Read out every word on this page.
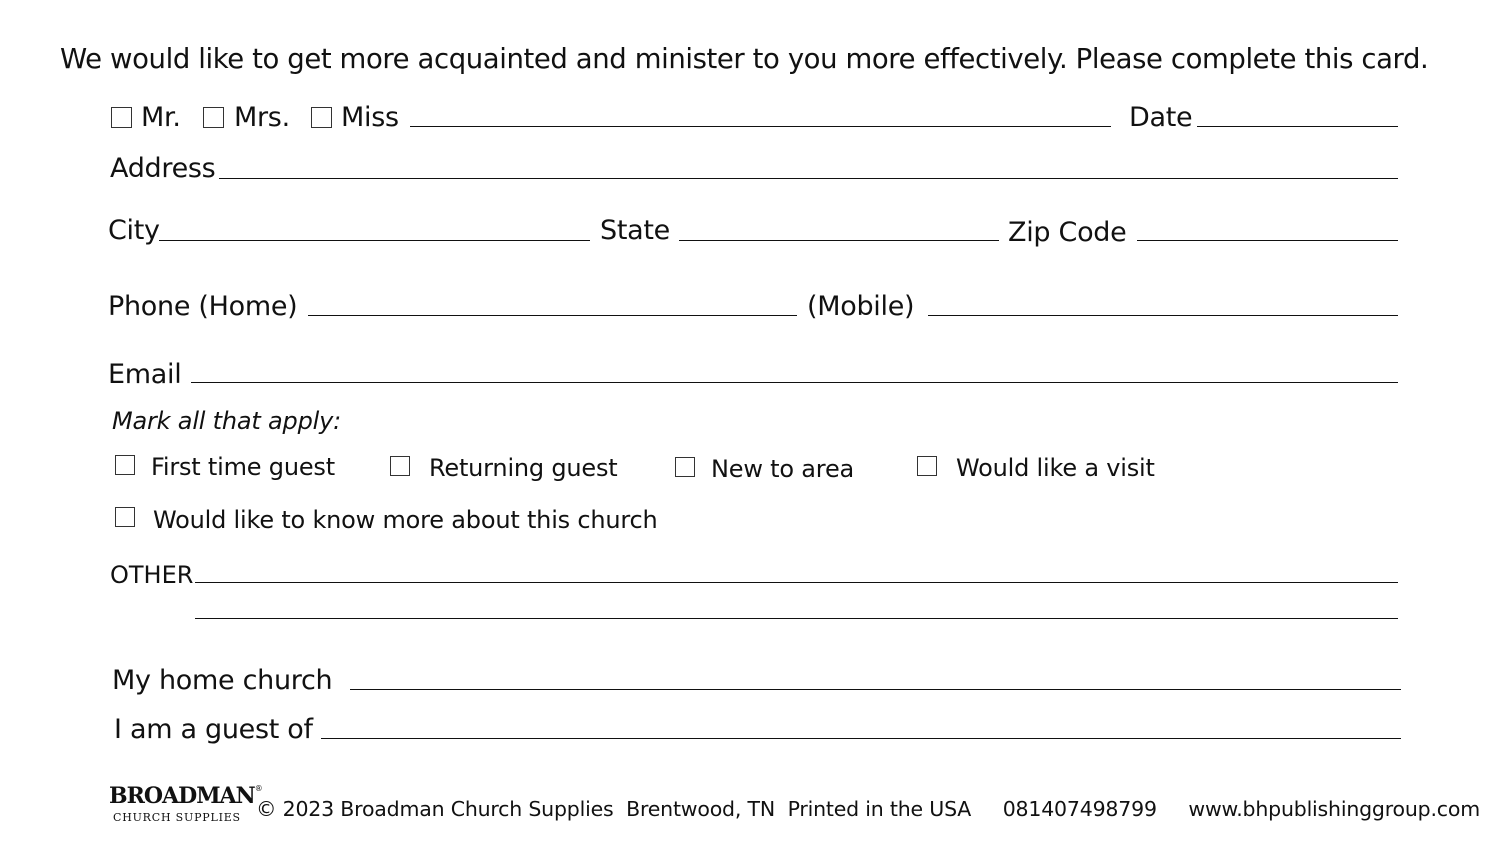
We would like to get more acquainted and minister to you more effectively. Please complete this card.
Mr. Mrs. Miss	Date
Address
City	State	Zip Code
Phone (Home)	(Mobile)
Email
Mark all that apply:
First time guest	Returning guest	New to area	Would like a visit
Would like to know more about this church
OTHER
My home church
I am a guest of
BROADMAN®
CHURCH SUPPLIES © 2023 Broadman Church Supplies Brentwood, TN Printed in the USA 081407498799 www.bhpublishinggroup.com
